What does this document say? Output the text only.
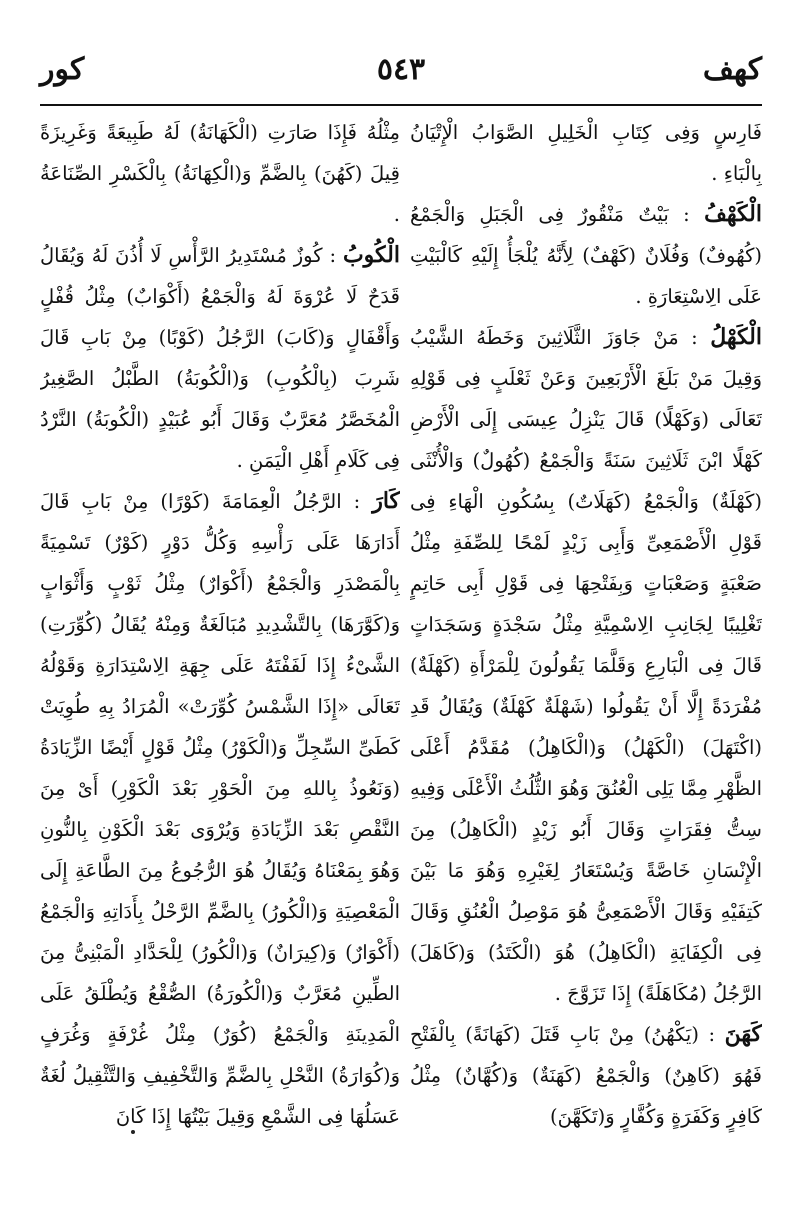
كهف
٥٤٣
كور

فَارِسٍ وَفِى كِتَابِ الْخَلِيلِ الصَّوَابُ الْإِتْيَانُ بِالْبَاءِ .

الْكَهْفُ : بَيْتٌ مَنْقُورٌ فِى الْجَبَلِ وَالْجَمْعُ (كُهُوفٌ) وَفُلَانٌ (كَهْفٌ) لِأَنَّهُ يُلْجَأُ إِلَيْهِ كَالْبَيْتِ عَلَى الِاسْتِعَارَةِ .

الْكَهْلُ : مَنْ جَاوَزَ الثَّلَاثِينَ وَخَطَهُ الشَّيْبُ وَقِيلَ مَنْ بَلَغَ الْأَرْبَعِينَ وَعَنْ ثَعْلَبٍ فِى قَوْلِهِ تَعَالَى (وَكَهْلًا) قَالَ يَنْزِلُ عِيسَى إِلَى الْأَرْضِ كَهْلًا ابْنَ ثَلَاثِينَ سَنَةً وَالْجَمْعُ (كُهُولٌ) وَالْأُنْثَى (كَهْلَةٌ) وَالْجَمْعُ (كَهَلَاتٌ) بِسُكُونِ الْهَاءِ فِى قَوْلِ الْأَصْمَعِىِّ وَأَبِى زَيْدٍ لَمْحًا لِلصِّفَةِ مِثْلُ صَعْبَةٍ وَصَعْبَاتٍ وَبِفَتْحِهَا فِى قَوْلِ أَبِى حَاتِمٍ تَغْلِيبًا لِجَانِبِ الِاسْمِيَّةِ مِثْلُ سَجْدَةٍ وَسَجَدَاتٍ قَالَ فِى الْبَارِعِ وَقَلَّمَا يَقُولُونَ لِلْمَرْأَةِ (كَهْلَةٌ) مُفْرَدَةً إِلَّا أَنْ يَقُولُوا (شَهْلَةٌ كَهْلَةٌ) وَيُقَالُ قَدِ (اكْتَهَلَ) (الْكَهْلُ) وَ(الْكَاهِلُ) مُقَدَّمُ أَعْلَى الظَّهْرِ مِمَّا يَلِى الْعُنُقَ وَهُوَ الثُّلُثُ الْأَعْلَى وَفِيهِ سِتُّ فِقَرَاتٍ وَقَالَ أَبُو زَيْدٍ (الْكَاهِلُ) مِنَ الْإِنْسَانِ خَاصَّةً وَيُسْتَعَارُ لِغَيْرِهِ وَهُوَ مَا بَيْنَ كَتِفَيْهِ وَقَالَ الْأَصْمَعِىُّ هُوَ مَوْصِلُ الْعُنُقِ وَقَالَ فِى الْكِفَايَةِ (الْكَاهِلُ) هُوَ (الْكَتَدُ) وَ(كَاهَلَ) الرَّجُلُ (مُكَاهَلَةً) إِذَا تَزَوَّجَ .

كَهَنَ : (يَكْهُنُ) مِنْ بَابِ قَتَلَ (كَهَانَةً) بِالْفَتْحِ فَهُوَ (كَاهِنٌ) وَالْجَمْعُ (كَهَنَةٌ) وَ(كُهَّانٌ) مِثْلُ كَافِرٍ وَكَفَرَةٍ وَكُفَّارٍ وَ(تَكَهَّنَ)

مِثْلُهُ فَإِذَا صَارَتِ (الْكَهَانَةُ) لَهُ طَبِيعَةً وَغَرِيزَةً قِيلَ (كَهُنَ) بِالضَّمِّ وَ(الْكِهَانَةُ) بِالْكَسْرِ الصِّنَاعَةُ .

الْكُوبُ : كُوزٌ مُسْتَدِيرُ الرَّأْسِ لَا أُذُنَ لَهُ وَيُقَالُ قَدَحٌ لَا عُرْوَةَ لَهُ وَالْجَمْعُ (أَكْوَابٌ) مِثْلُ قُفْلٍ وَأَقْفَالٍ وَ(كَابَ) الرَّجُلُ (كَوْبًا) مِنْ بَابِ قَالَ شَرِبَ (بِالْكُوبِ) وَ(الْكُوبَةُ) الطَّبْلُ الصَّغِيرُ الْمُخَصَّرُ مُعَرَّبٌ وَقَالَ أَبُو عُبَيْدٍ (الْكُوبَةُ) النَّرْدُ فِى كَلَامِ أَهْلِ الْيَمَنِ .

كَارَ : الرَّجُلُ الْعِمَامَةَ (كَوْرًا) مِنْ بَابِ قَالَ أَدَارَهَا عَلَى رَأْسِهِ وَكُلُّ دَوْرٍ (كَوْرٌ) تَسْمِيَةً بِالْمَصْدَرِ وَالْجَمْعُ (أَكْوَارٌ) مِثْلُ ثَوْبٍ وَأَثْوَابٍ وَ(كَوَّرَهَا) بِالتَّشْدِيدِ مُبَالَغَةٌ وَمِنْهُ يُقَالُ (كُوِّرَتِ) الشَّىْءُ إِذَا لَفَفْتَهُ عَلَى جِهَةِ الِاسْتِدَارَةِ وَقَوْلُهُ تَعَالَى «إِذَا الشَّمْسُ كُوِّرَتْ» الْمُرَادُ بِهِ طُوِيَتْ كَطَىِّ السِّجِلِّ وَ(الْكَوْرُ) مِثْلُ قَوْلٍ أَيْضًا الزِّيَادَةُ (وَنَعُوذُ بِاللهِ مِنَ الْحَوْرِ بَعْدَ الْكَوْرِ) أَىْ مِنَ النَّقْصِ بَعْدَ الزِّيَادَةِ وَيُرْوَى بَعْدَ الْكَوْنِ بِالنُّونِ وَهُوَ بِمَعْنَاهُ وَيُقَالُ هُوَ الرُّجُوعُ مِنَ الطَّاعَةِ إِلَى الْمَعْصِيَةِ وَ(الْكُورُ) بِالضَّمِّ الرَّحْلُ بِأَدَاتِهِ وَالْجَمْعُ (أَكْوَارٌ) وَ(كِيرَانٌ) وَ(الْكُورُ) لِلْحَدَّادِ الْمَبْنِىُّ مِنَ الطِّينِ مُعَرَّبٌ وَ(الْكُورَةُ) الصُّقْعُ وَيُطْلَقُ عَلَى الْمَدِينَةِ وَالْجَمْعُ (كُوَرٌ) مِثْلُ غُرْفَةٍ وَغُرَفٍ وَ(كُوَارَةُ) النَّحْلِ بِالضَّمِّ وَالتَّخْفِيفِ وَالتَّثْقِيلُ لُغَةٌ عَسَلُهَا فِى الشَّمْعِ وَقِيلَ بَيْتُهَا إِذَا كَانَ
